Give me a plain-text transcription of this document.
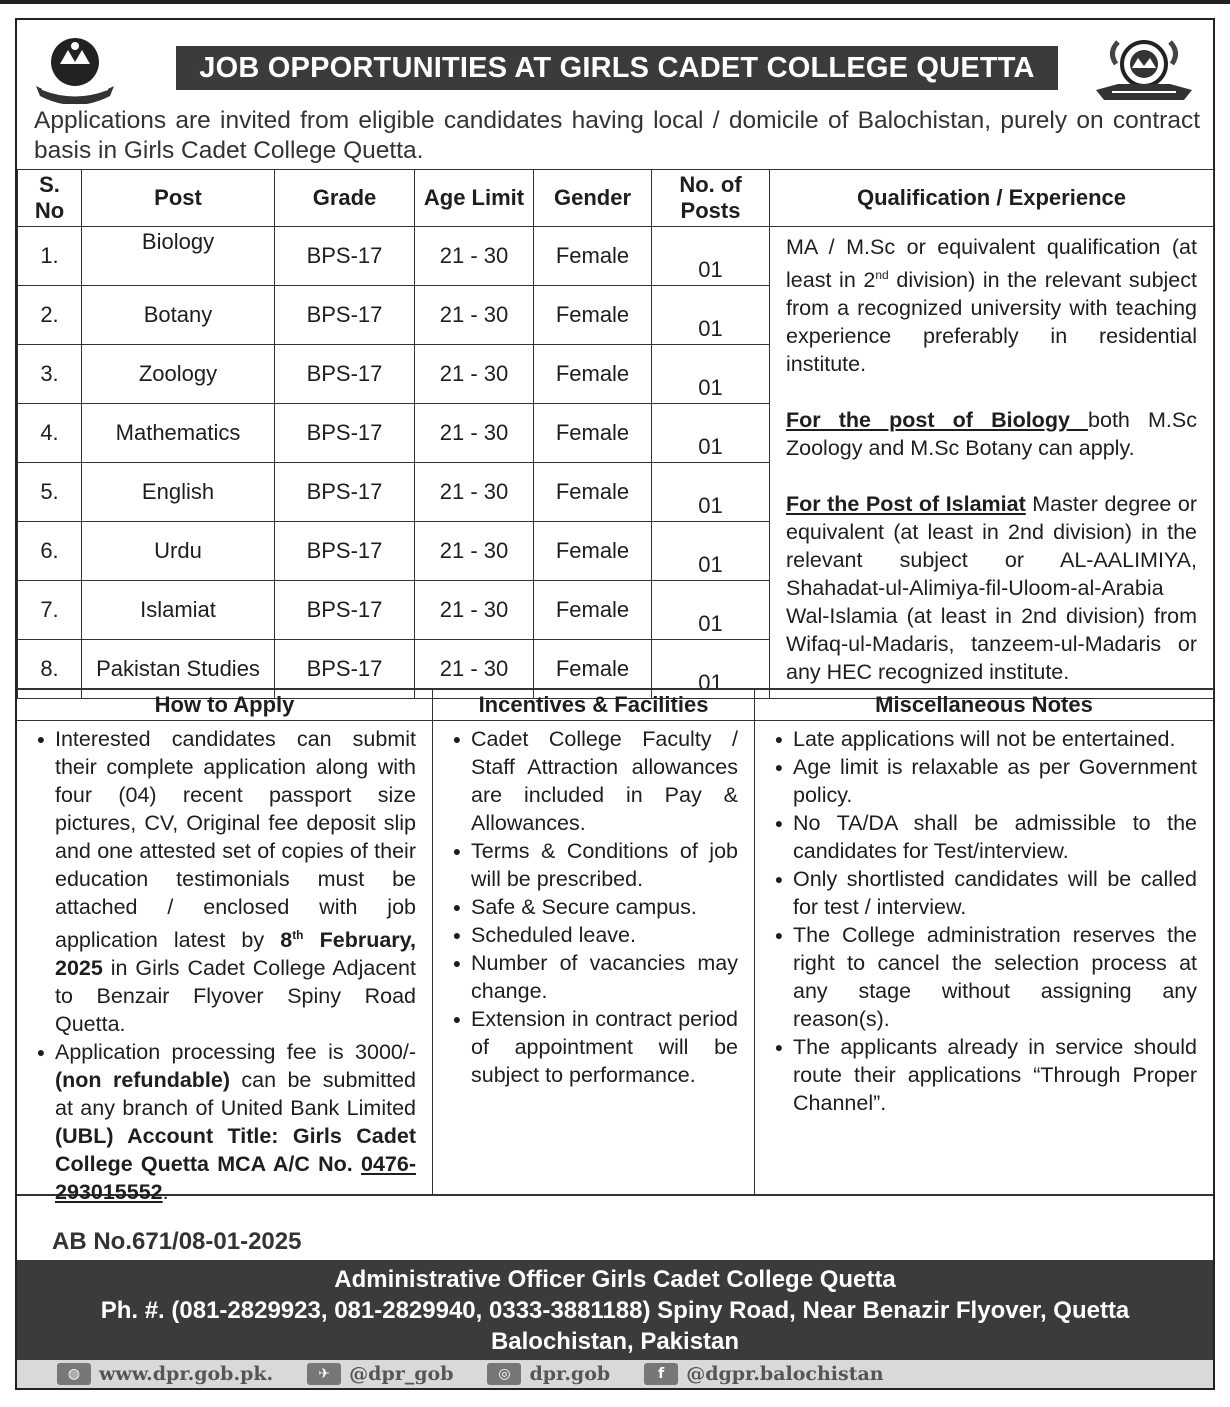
JOB OPPORTUNITIES AT GIRLS CADET COLLEGE QUETTA
Applications are invited from eligible candidates having local / domicile of Balochistan, purely on contract basis in Girls Cadet College Quetta.
S. No	Post	Grade	Age Limit	Gender	No. of Posts	Qualification / Experience
1.	Biology	BPS-17	21 - 30	Female	01	MA / M.Sc or equivalent qualification (at least in 2nd division) in the relevant subject from a recognized university with teaching experience preferably in residential institute.

For the post of Biology both M.Sc Zoology and M.Sc Botany can apply.

For the Post of Islamiat Master degree or equivalent (at least in 2nd division) in the relevant subject or AL-AALIMIYA, Shahadat-ul-Alimiya-fil-Uloom-al-Arabia Wal-Islamia (at least in 2nd division) from Wifaq-ul-Madaris, tanzeem-ul-Madaris or any HEC recognized institute.

2.	Botany	BPS-17	21 - 30	Female	01	
3.	Zoology	BPS-17	21 - 30	Female	01	
4.	Mathematics	BPS-17	21 - 30	Female	01	
5.	English	BPS-17	21 - 30	Female	01	
6.	Urdu	BPS-17	21 - 30	Female	01	
7.	Islamiat	BPS-17	21 - 30	Female	01	
8.	Pakistan Studies	BPS-17	21 - 30	Female	01	
How to Apply
● Interested candidates can submit their complete application along with four (04) recent passport size pictures, CV, Original fee deposit slip and one attested set of copies of their education testimonials must be attached / enclosed with job application latest by 8th February, 2025 in Girls Cadet College Adjacent to Benzair Flyover Spiny Road Quetta.
● Application processing fee is 3000/- (non refundable) can be submitted at any branch of United Bank Limited (UBL) Account Title: Girls Cadet College Quetta MCA A/C No. 0476-293015552.
Incentives & Facilities
● Cadet College Faculty / Staff Attraction allowances are included in Pay & Allowances.
● Terms & Conditions of job will be prescribed.
● Safe & Secure campus.
● Scheduled leave.
● Number of vacancies may change.
● Extension in contract period of appointment will be subject to performance.
Miscellaneous Notes
● Late applications will not be entertained.
● Age limit is relaxable as per Government policy.
● No TA/DA shall be admissible to the candidates for Test/interview.
● Only shortlisted candidates will be called for test / interview.
● The College administration reserves the right to cancel the selection process at any stage without assigning any reason(s).
● The applicants already in service should route their applications “Through Proper Channel”.
AB No.671/08-01-2025
Administrative Officer Girls Cadet College Quetta
Ph. #. (081-2829923, 081-2829940, 0333-3881188) Spiny Road, Near Benazir Flyover, Quetta
Balochistan, Pakistan
◍ www.dpr.gob.pk.	✈	@dpr_gob	◎ dpr.gob	f	@dgpr.balochistan
